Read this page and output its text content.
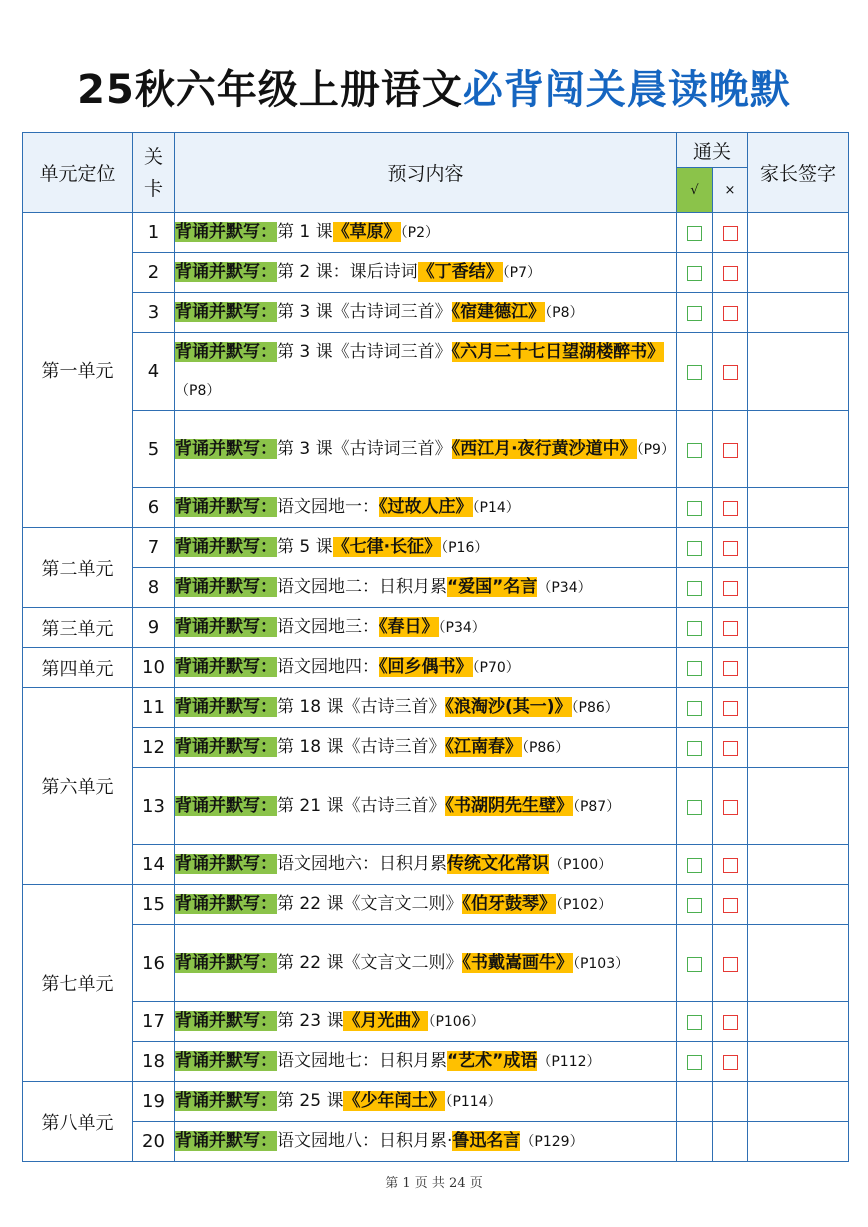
25秋六年级上册语文必背闯关晨读晚默
单元定位	关
卡	预习内容	通关		家长签字
			√	×	
第一单元	1	背诵并默写：第 1 课《草原》（P2）			
	2	背诵并默写：第 2 课：课后诗词《丁香结》（P7）			
	3	背诵并默写：第 3 课《古诗词三首》《宿建德江》（P8）			
	4	背诵并默写：第 3 课《古诗词三首》《六月二十七日望湖楼醉书》（P8）			
	5	背诵并默写：第 3 课《古诗词三首》《西江月·夜行黄沙道中》（P9）			
	6	背诵并默写：语文园地一：《过故人庄》（P14）			
第二单元	7	背诵并默写：第 5 课《七律·长征》（P16）			
	8	背诵并默写：语文园地二：日积月累“爱国”名言（P34）			
第三单元	9	背诵并默写：语文园地三：《春日》（P34）			
第四单元	10	背诵并默写：语文园地四：《回乡偶书》（P70）			
第六单元	11	背诵并默写：第 18 课《古诗三首》《浪淘沙(其一)》（P86）			
	12	背诵并默写：第 18 课《古诗三首》《江南春》（P86）			
	13	背诵并默写：第 21 课《古诗三首》《书湖阴先生壁》（P87）			
	14	背诵并默写：语文园地六：日积月累传统文化常识（P100）			
第七单元	15	背诵并默写：第 22 课《文言文二则》《伯牙鼓琴》（P102）			
	16	背诵并默写：第 22 课《文言文二则》《书戴嵩画牛》（P103）			
	17	背诵并默写：第 23 课《月光曲》（P106）			
	18	背诵并默写：语文园地七：日积月累“艺术”成语（P112）			
第八单元	19	背诵并默写：第 25 课《少年闰土》（P114）			
	20	背诵并默写：语文园地八：日积月累·鲁迅名言（P129）			
第 1 页 共 24 页
